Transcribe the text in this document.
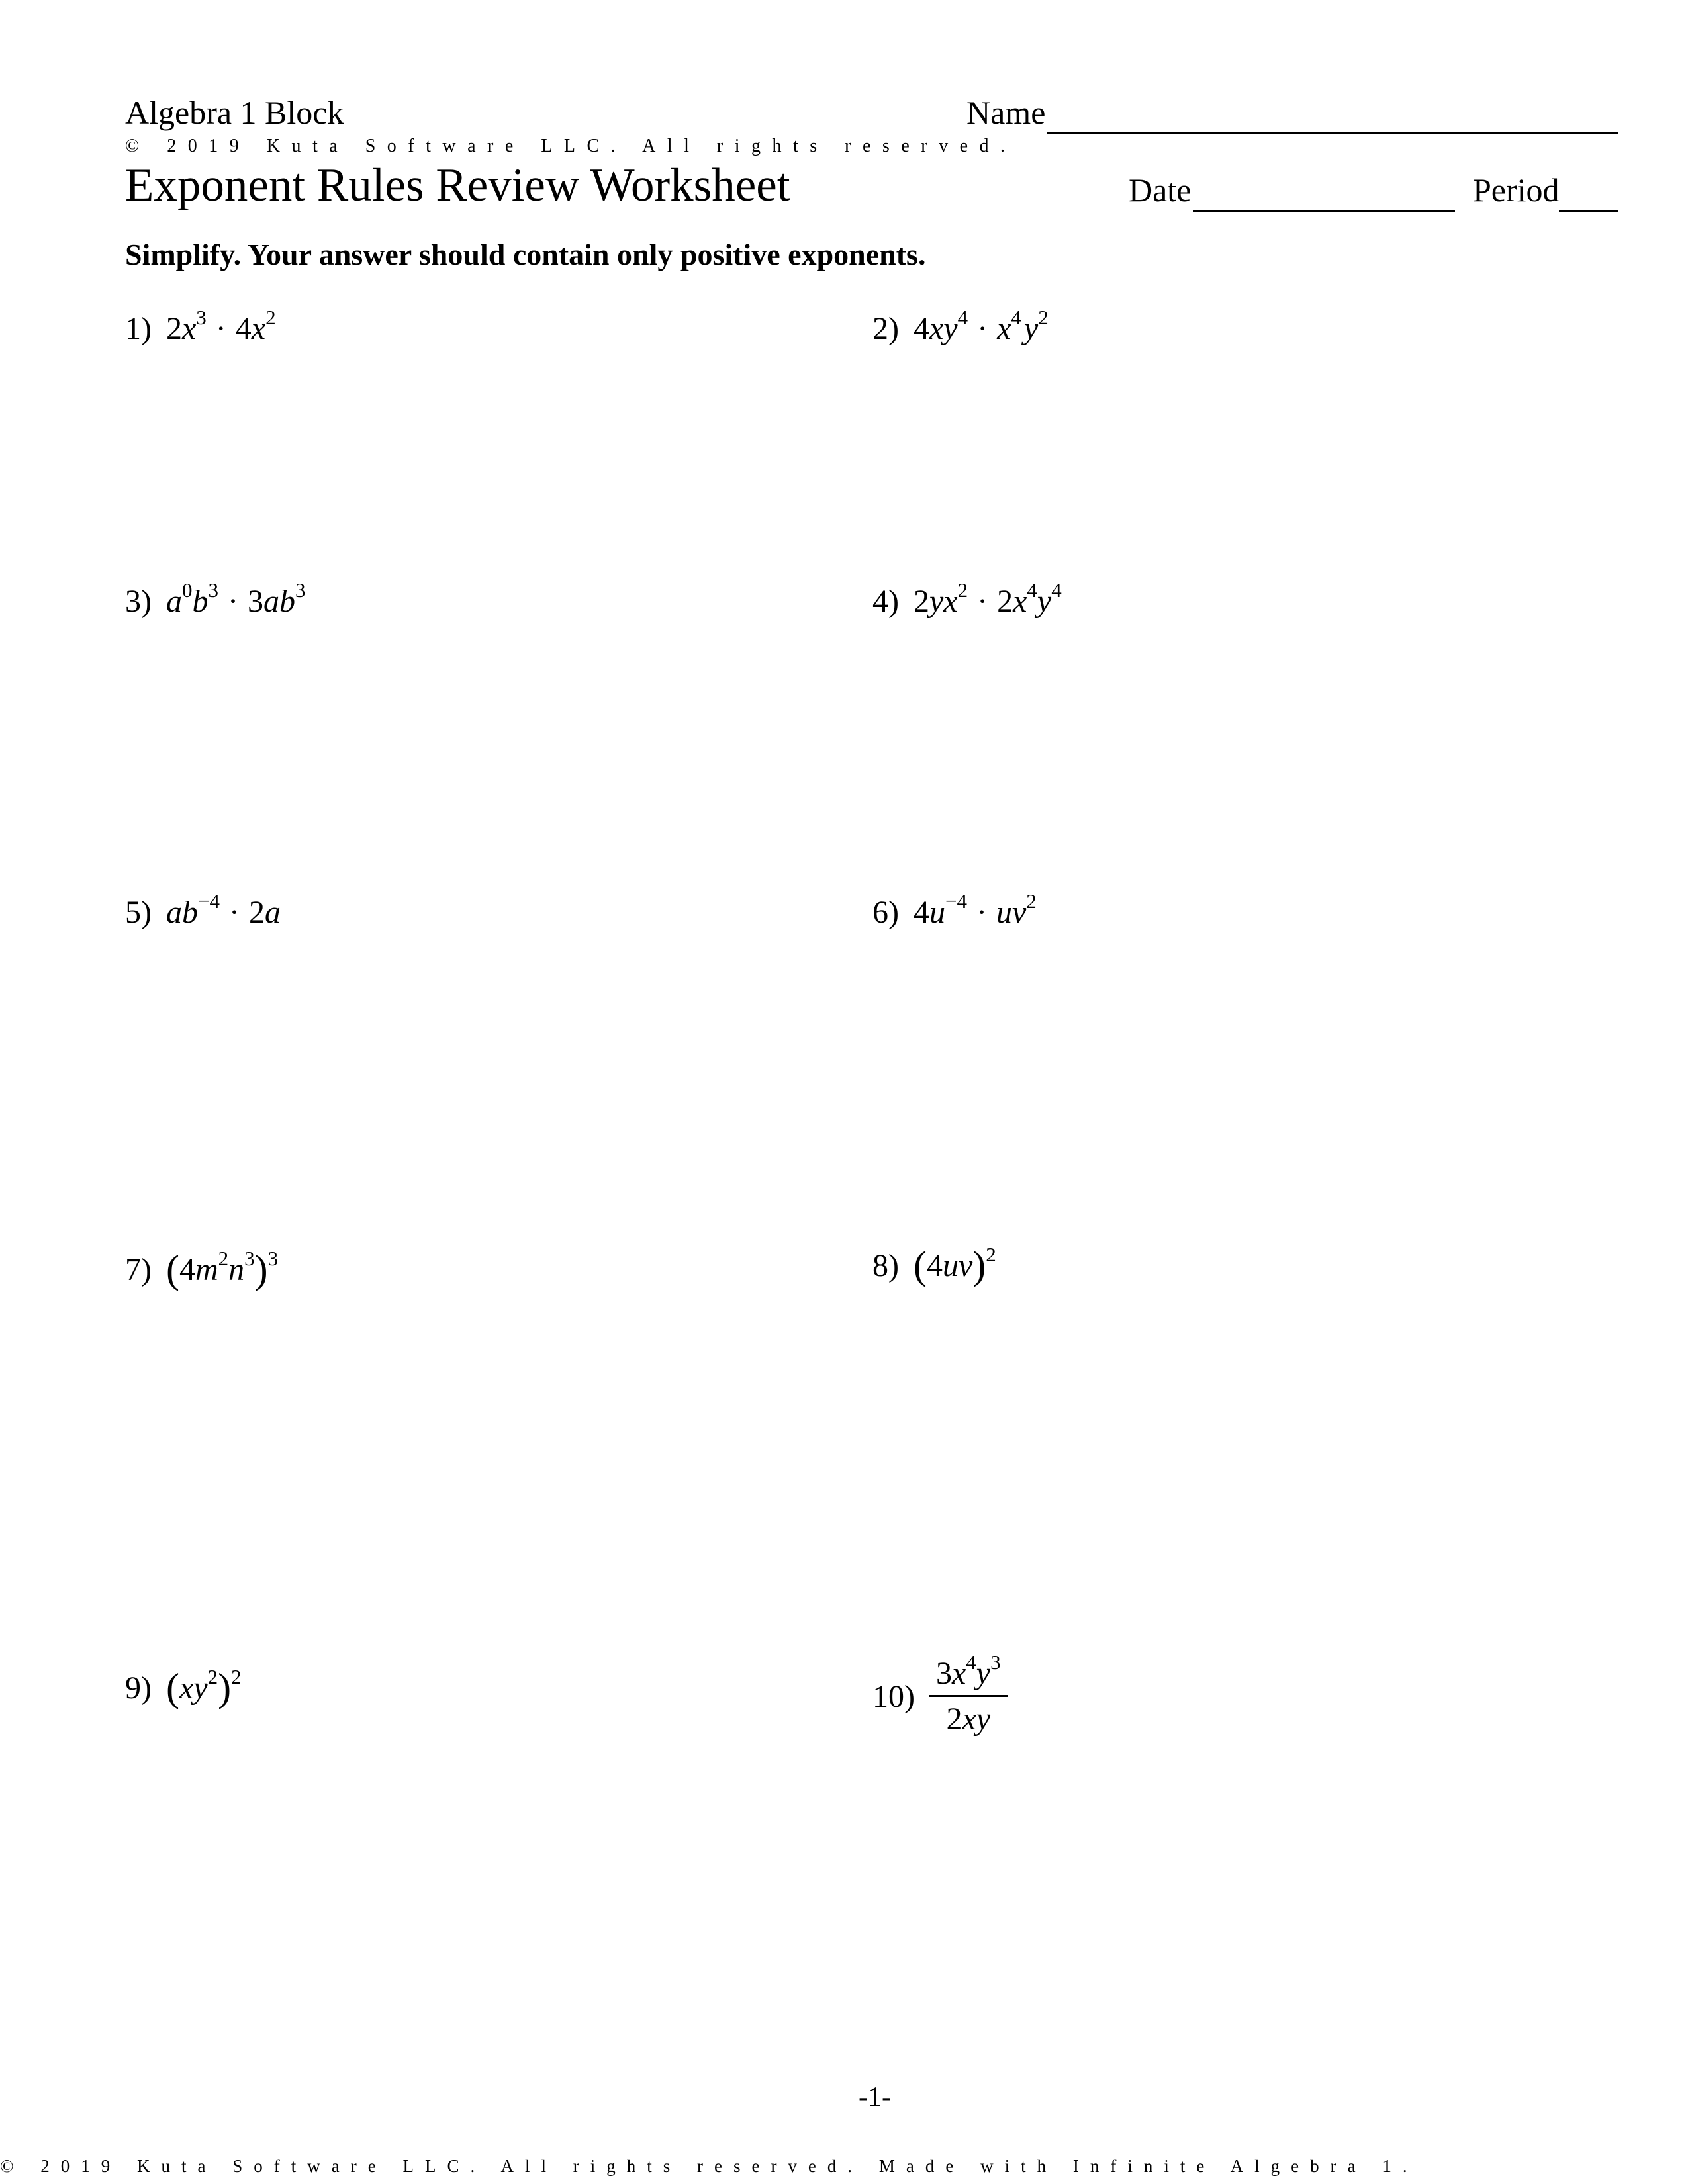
Algebra 1 Block	Name
© 2019 Kuta Software LLC. All rights reserved.
Exponent Rules Review Worksheet	Date	Period
Simplify. Your answer should contain only positive exponents.
1) $2x^3 \cdot 4x^2$	2) $4xy^4 \cdot x^4y^2$
3) $a^0b^3 \cdot 3ab^3$	4) $2yx^2 \cdot 2x^4y^4$
5) $ab^{-4} \cdot 2a$	6) $4u^{-4} \cdot uv^2$
7) $(4m^2n^3)^3$	8) $(4uv)^2$
9) $(xy^2)^2$
$10) \frac{3x^4y^3}{2xy}$
-1-
© 2019 Kuta Software LLC. All rights reserved. Made with Infinite Algebra 1.
